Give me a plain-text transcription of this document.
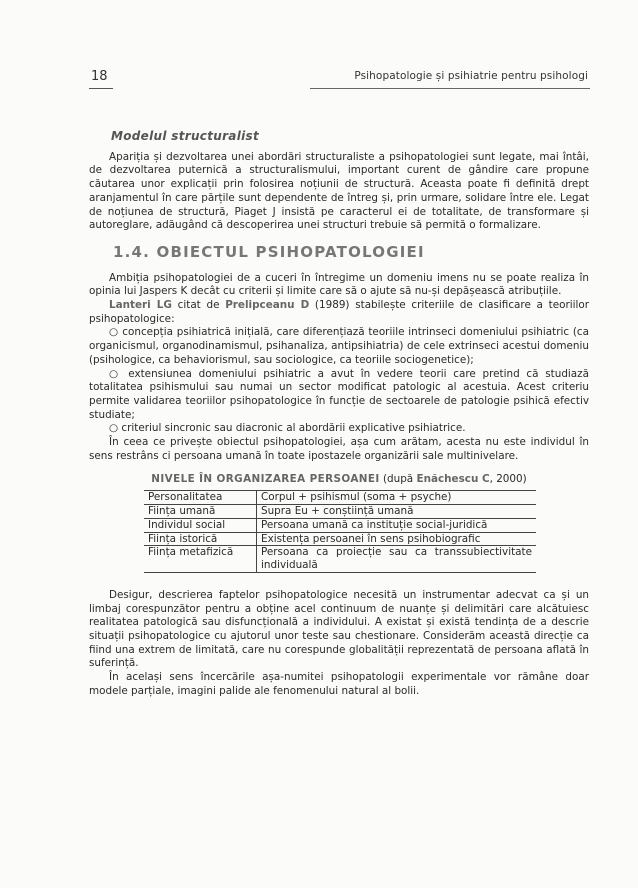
18	Psihopatologie și psihiatrie pentru psihologi
Modelul structuralist

Apariția și dezvoltarea unei abordări structuraliste a psihopatologiei sunt legate, mai întâi, de dezvoltarea puternică a structuralismului, important curent de gândire care propune căutarea unor explicații prin folosirea noțiunii de structură. Aceasta poate fi definită drept aranjamentul în care părțile sunt dependente de întreg și, prin urmare, solidare între ele. Legat de noțiunea de structură, Piaget J insistă pe caracterul ei de totalitate, de transformare și autoreglare, adăugând că descoperirea unei structuri trebuie să permită o formalizare.

1.4. OBIECTUL PSIHOPATOLOGIEI

Ambiția psihopatologiei de a cuceri în întregime un domeniu imens nu se poate realiza în opinia lui Jaspers K decât cu criterii și limite care să o ajute să nu-și depășească atribuțiile.

Lanteri LG citat de Prelipceanu D (1989) stabilește criteriile de clasificare a teoriilor psihopatologice:

○ concepția psihiatrică inițială, care diferențiază teoriile intrinseci domeniului psihiatric (ca organicismul, organodinamismul, psihanaliza, antipsihiatria) de cele extrinseci acestui domeniu (psihologice, ca behaviorismul, sau sociologice, ca teoriile sociogenetice);

○ extensiunea domeniului psihiatric a avut în vedere teorii care pretind că studiază totalitatea psihismului sau numai un sector modificat patologic al acestuia. Acest criteriu permite validarea teoriilor psihopatologice în funcție de sectoarele de patologie psihică efectiv studiate;

○ criteriul sincronic sau diacronic al abordării explicative psihiatrice.

În ceea ce privește obiectul psihopatologiei, așa cum arătam, acesta nu este individul în sens restrâns ci persoana umană în toate ipostazele organizării sale multinivelare.

NIVELE ÎN ORGANIZAREA PERSOANEI (după Enăchescu C, 2000)
Personalitatea	Corpul + psihismul (soma + psyche)
Ființa umană	Supra Eu + conștiință umană
Individul social	Persoana umană ca instituție social-juridică
Ființa istorică	Existența persoanei în sens psihobiografic
Ființa metafizică	Persoana ca proiecție sau ca transsubiectivitate individuală

Desigur, descrierea faptelor psihopatologice necesită un instrumentar adecvat ca și un limbaj corespunzător pentru a obține acel continuum de nuanțe și delimitări care alcătuiesc realitatea patologică sau disfuncțională a individului. A existat și există tendința de a descrie situații psihopatologice cu ajutorul unor teste sau chestionare. Considerăm această direcție ca fiind una extrem de limitată, care nu corespunde globalității reprezentată de persoana aflată în suferință.

În același sens încercările așa-numitei psihopatologii experimentale vor rămâne doar modele parțiale, imagini palide ale fenomenului natural al bolii.
